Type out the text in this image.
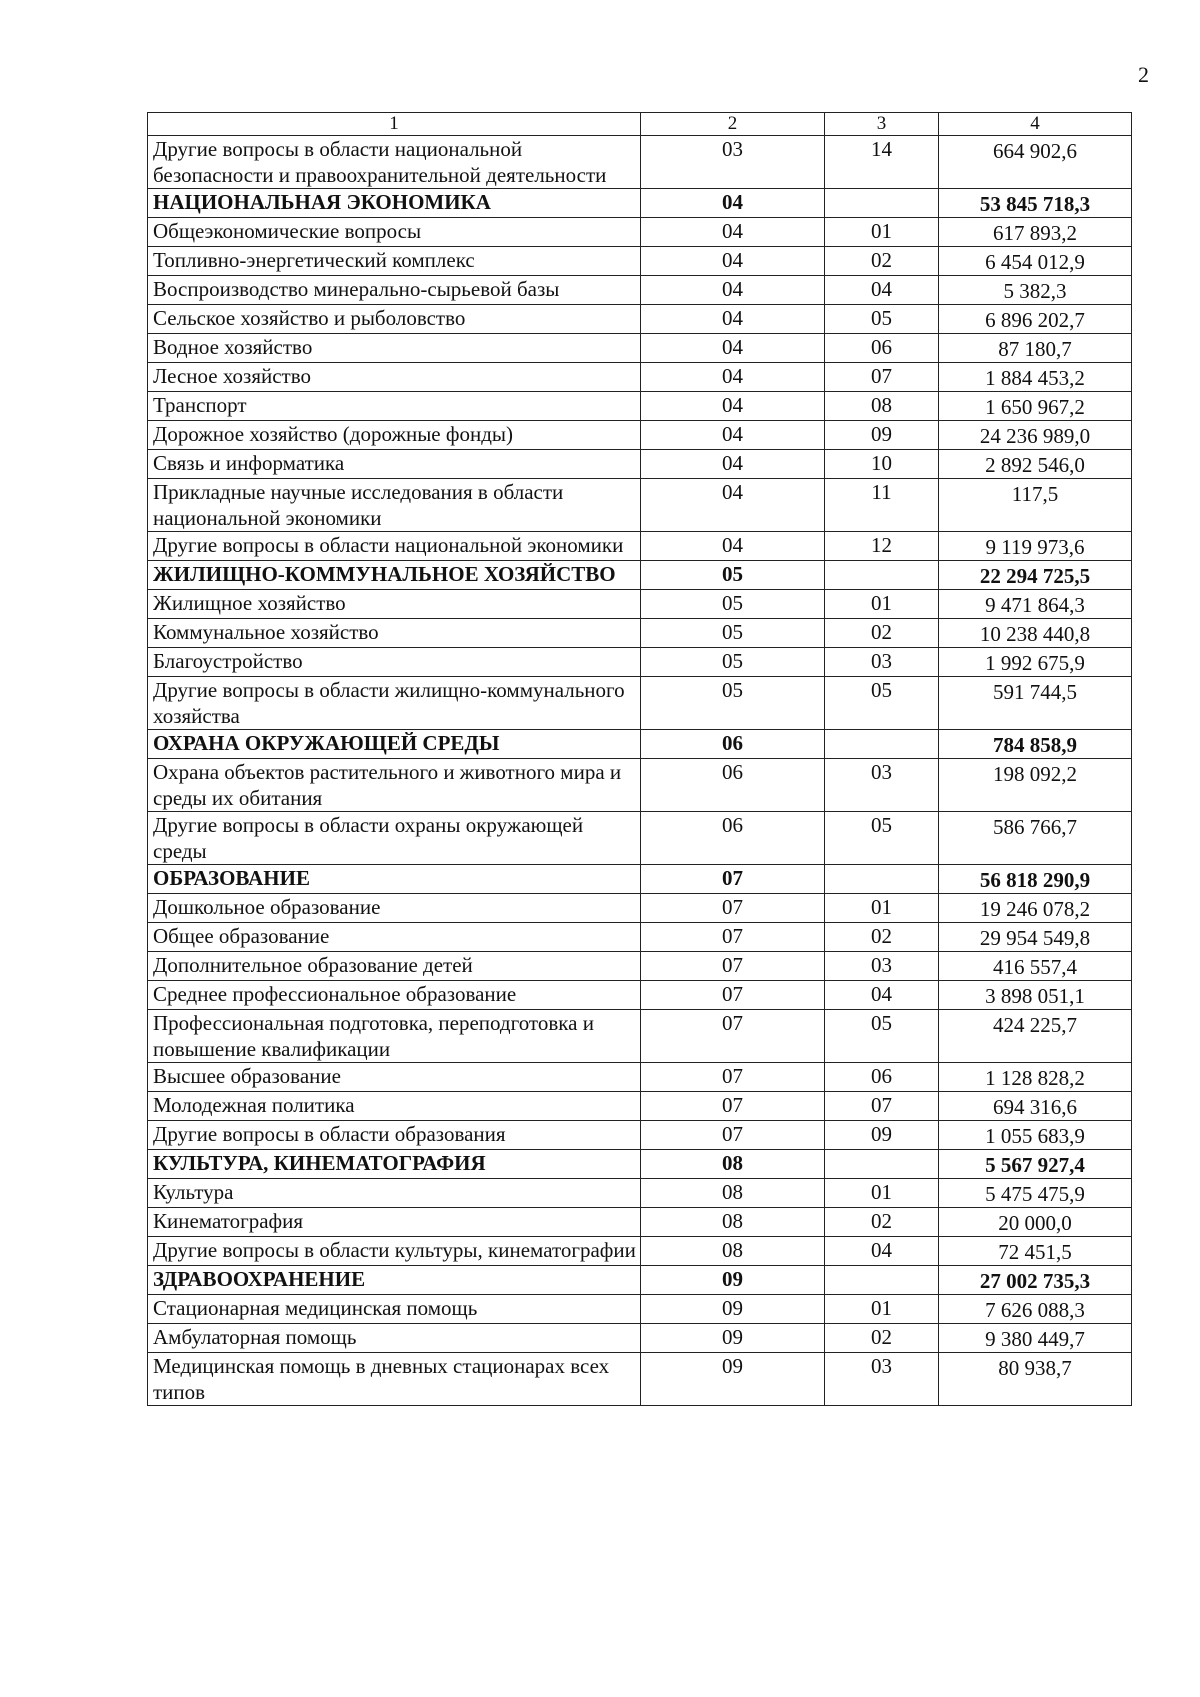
2
1	2	3	4
Другие вопросы в области национальной безопасности и правоохранительной деятельности	03	14	664 902,6
НАЦИОНАЛЬНАЯ ЭКОНОМИКА	04		53 845 718,3
Общеэкономические вопросы	04	01	617 893,2
Топливно-энергетический комплекс	04	02	6 454 012,9
Воспроизводство минерально-сырьевой базы	04	04	5 382,3
Сельское хозяйство и рыболовство	04	05	6 896 202,7
Водное хозяйство	04	06	87 180,7
Лесное хозяйство	04	07	1 884 453,2
Транспорт	04	08	1 650 967,2
Дорожное хозяйство (дорожные фонды)	04	09	24 236 989,0
Связь и информатика	04	10	2 892 546,0
Прикладные научные исследования в области национальной экономики	04	11	117,5
Другие вопросы в области национальной экономики	04	12	9 119 973,6
ЖИЛИЩНО-КОММУНАЛЬНОЕ ХОЗЯЙСТВО	05		22 294 725,5
Жилищное хозяйство	05	01	9 471 864,3
Коммунальное хозяйство	05	02	10 238 440,8
Благоустройство	05	03	1 992 675,9
Другие вопросы в области жилищно-коммунального хозяйства	05	05	591 744,5
ОХРАНА ОКРУЖАЮЩЕЙ СРЕДЫ	06		784 858,9
Охрана объектов растительного и животного мира и среды их обитания	06	03	198 092,2
Другие вопросы в области охраны окружающей среды	06	05	586 766,7
ОБРАЗОВАНИЕ	07		56 818 290,9
Дошкольное образование	07	01	19 246 078,2
Общее образование	07	02	29 954 549,8
Дополнительное образование детей	07	03	416 557,4
Среднее профессиональное образование	07	04	3 898 051,1
Профессиональная подготовка, переподготовка и повышение квалификации	07	05	424 225,7
Высшее образование	07	06	1 128 828,2
Молодежная политика	07	07	694 316,6
Другие вопросы в области образования	07	09	1 055 683,9
КУЛЬТУРА, КИНЕМАТОГРАФИЯ	08		5 567 927,4
Культура	08	01	5 475 475,9
Кинематография	08	02	20 000,0
Другие вопросы в области культуры, кинематографии	08	04	72 451,5
ЗДРАВООХРАНЕНИЕ	09		27 002 735,3
Стационарная медицинская помощь	09	01	7 626 088,3
Амбулаторная помощь	09	02	9 380 449,7
Медицинская помощь в дневных стационарах всех типов	09	03	80 938,7
